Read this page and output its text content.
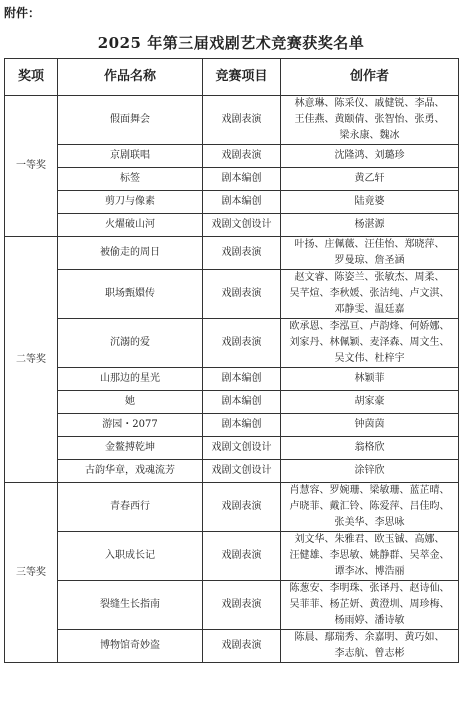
附件：
2025 年第三届戏剧艺术竞赛获奖名单
奖项	作品名称	竞赛项目	创作者
一等奖	假面舞会	戏剧表演	林意琳、陈采仪、戚健锐、李晶、
王佳燕、黄颐倩、张智怡、张勇、
梁永康、魏冰

	京剧联唱	戏剧表演	沈隆鸿、刘璐珍

	标签	剧本编创	黄乙轩

	剪刀与像素	剧本编创	陆竟婆

	火燿破山河	戏剧文创设计	杨湛源

二等奖	被偷走的周日	戏剧表演	叶扬、庄佩薇、汪佳怡、郑晓萍、
罗曼琼、詹圣涵

	职场甄嬛传	戏剧表演	赵文睿、陈姿兰、张敏杰、周柔、
吴芊煊、李秋媛、张洁纯、卢文淇、
邓静雯、温廷嘉

	沉溺的爱	戏剧表演	欧承恩、李泓亘、卢韵烽、何娇娜、
刘家丹、林佩颖、麦泽森、周文生、
吴文伟、杜梓宇

	山那边的星光	剧本编创	林颖菲

	她	剧本编创	胡家豪

	游园・2077	剧本编创	钟茵茵

	金鳌搏乾坤	戏剧文创设计	翁格欣

	古韵华章，戏魂流芳	戏剧文创设计	涂锌欣

三等奖	青春西行	戏剧表演	肖慧容、罗婉珊、梁敏珊、蓝芷晴、
卢晓菲、戴汇铃、陈爱萍、吕佳昀、
张美华、李思咏

	入职成长记	戏剧表演	刘文华、朱雅君、欧玉铖、高娜、
汪健雄、李思敏、姚静群、吴萃金、
谭李冰、博浩丽

	裂缝生长指南	戏剧表演	陈葱安、李明珠、张译丹、赵诗仙、
吴菲菲、杨芷妍、黄澄圳、周珍梅、
杨雨婷、潘诗敏

	博物馆奇妙盗	戏剧表演	陈晨、鄢瑞秀、余嘉明、黄巧如、
李志航、曾志彬
